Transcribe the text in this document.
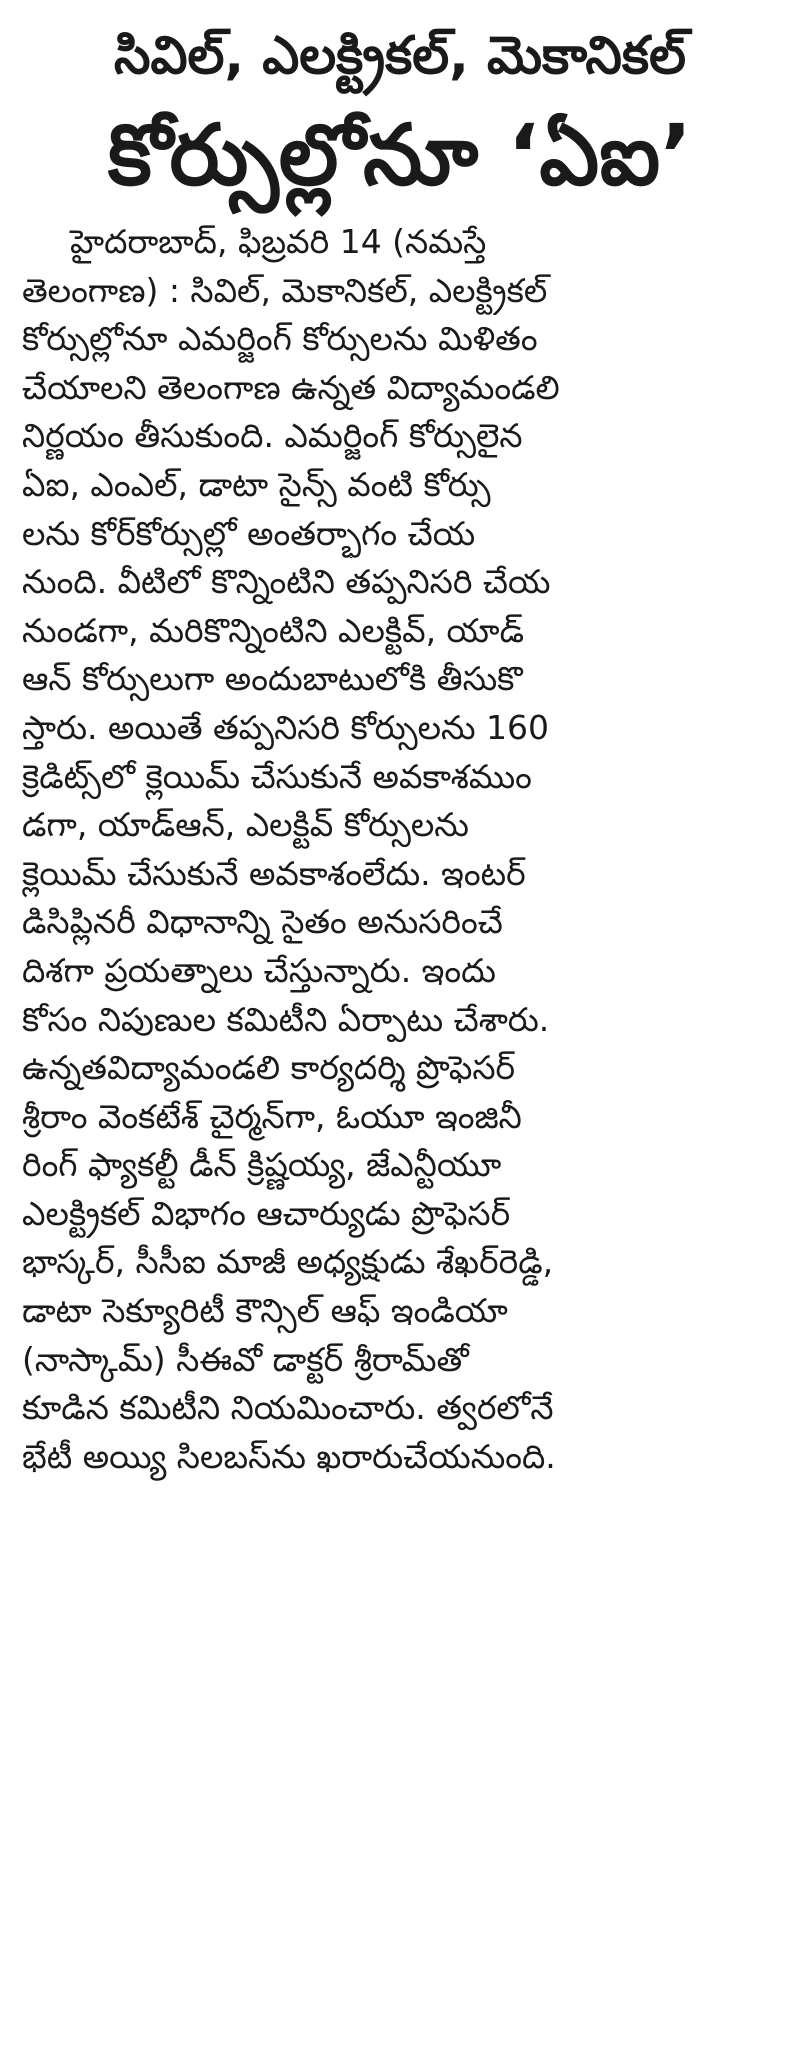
సివిల్, ఎలక్ట్రికల్, మెకానికల్
కోర్సుల్లోనూ ‘ఏఐ’
హైదరాబాద్, ఫిబ్రవరి 14 (నమస్తే
తెలంగాణ) : సివిల్, మెకానికల్, ఎలక్ట్రికల్
కోర్సుల్లోనూ ఎమర్జింగ్ కోర్సులను మిళితం
చేయాలని తెలంగాణ ఉన్నత విద్యామండలి
నిర్ణయం తీసుకుంది. ఎమర్జింగ్ కోర్సులైన
ఏఐ, ఎంఎల్, డాటా సైన్స్ వంటి కోర్సు
లను కోర్‌కోర్సుల్లో అంతర్భాగం చేయ
నుంది. వీటిలో కొన్నింటిని తప్పనిసరి చేయ
నుండగా, మరికొన్నింటిని ఎలక్టివ్, యాడ్
ఆన్ కోర్సులుగా అందుబాటులోకి తీసుకొ
స్తారు. అయితే తప్పనిసరి కోర్సులను 160
క్రెడిట్స్‌లో క్లెయిమ్ చేసుకునే అవకాశముం
డగా, యాడ్‌ఆన్, ఎలక్టివ్ కోర్సులను
క్లెయిమ్ చేసుకునే అవకాశంలేదు. ఇంటర్
డిసిప్లినరీ విధానాన్ని సైతం అనుసరించే
దిశగా ప్రయత్నాలు చేస్తున్నారు. ఇందు
కోసం నిపుణుల కమిటీని ఏర్పాటు చేశారు.
ఉన్నతవిద్యామండలి కార్యదర్శి ప్రొఫెసర్
శ్రీరాం వెంకటేశ్ చైర్మన్‌గా, ఓయూ ఇంజినీ
రింగ్ ఫ్యాకల్టీ డీన్ క్రిష్ణయ్య, జేఎన్టీయూ
ఎలక్ట్రికల్ విభాగం ఆచార్యుడు ప్రొఫెసర్
భాస్కర్, సీసీఐ మాజీ అధ్యక్షుడు శేఖర్‌రెడ్డి,
డాటా సెక్యూరిటీ కౌన్సిల్ ఆఫ్ ఇండియా
(నాస్కామ్) సీఈవో డాక్టర్ శ్రీరామ్‌తో
కూడిన కమిటీని నియమించారు. త్వరలోనే
భేటీ అయ్యి సిలబస్‌ను ఖరారుచేయనుంది.
